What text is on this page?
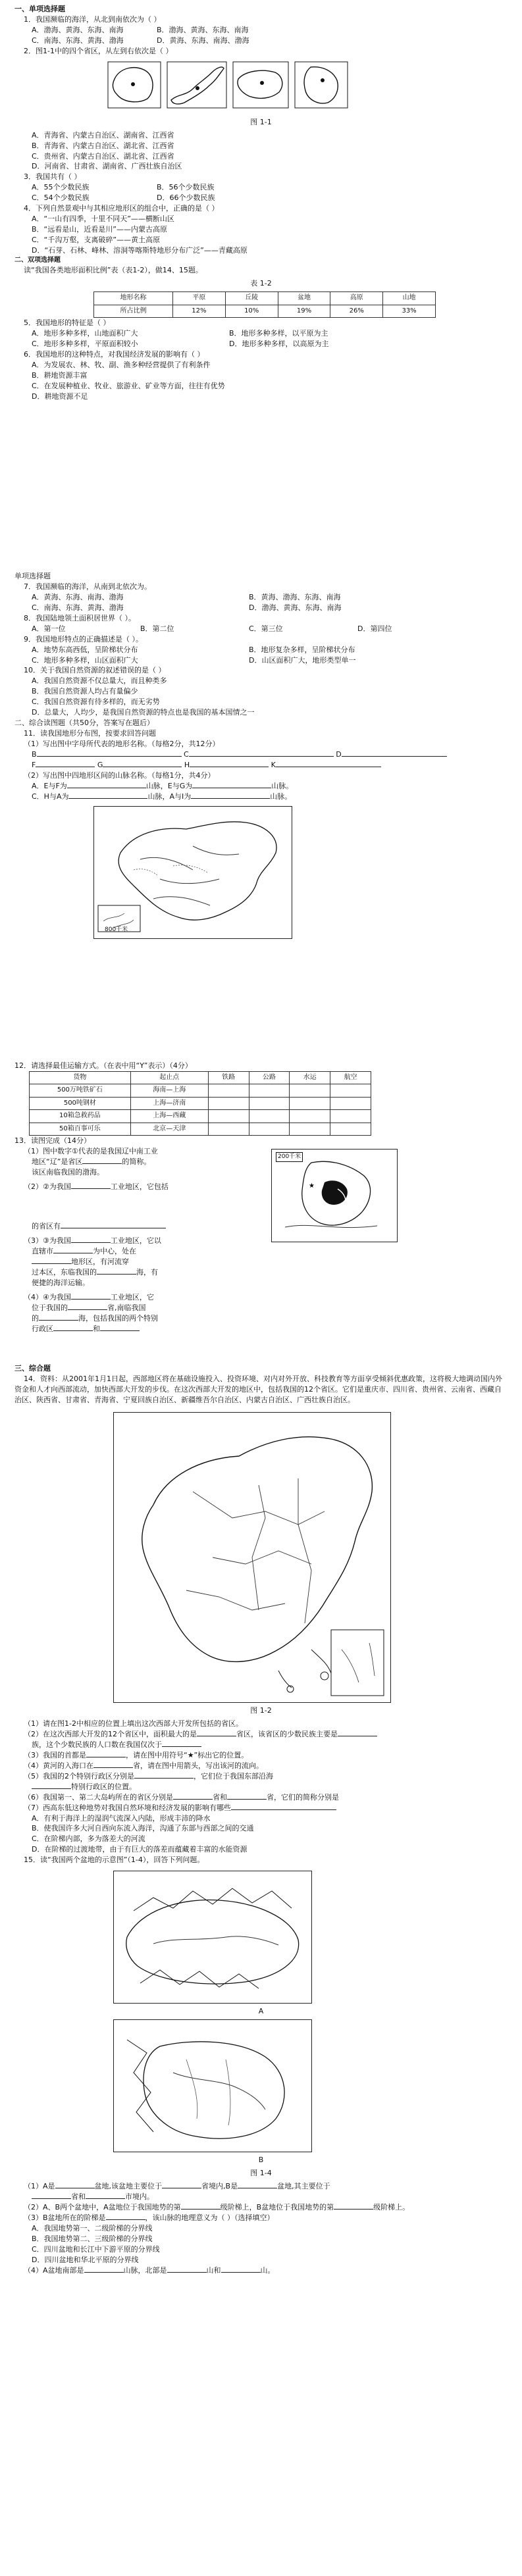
一、单项选择题

1．我国濒临的海洋，从北到南依次为（ ）

A．渤海、黄海、东海、南海	B．渤海、黄海、东海、南海
C．南海、东海、黄海、渤海	D．黄海、东海、南海、渤海

2．图1-1中的四个省区，从左到右依次是（ ）

图 1-1

A．青海省、内蒙古自治区、湖南省、江西省

B．青海省、内蒙古自治区、湖北省、江西省

C．贵州省、内蒙古自治区、湖北省、江西省

D．河南省、甘肃省、湖南省、广西壮族自治区

3．我国共有（ ）

A．55个少数民族	B．56个少数民族
C．54个少数民族	D．66个少数民族

4．下列自然景观中与其相应地形区的组合中，正确的是（ ）

A．“一山有四季，十里不同天”——横断山区

B．“远看是山，近看是川”——内蒙古高原

C．“千沟万壑，支离破碎”——黄土高原

D．“石芽、石林、峰林、溶洞等喀斯特地形分布广泛”——青藏高原

二、双项选择题

读“我国各类地形面积比例”表（表1-2），做14、15题。

表 1-2

地形名称	平原	丘陵	盆地	高原	山地
所占比例	12%	10%	19%	26%	33%

5．我国地形的特征是（ ）

A．地形多种多样，山地面积广大	B．地形多种多样，以平原为主
C．地形多种多样，平原面积较小	D．地形多种多样，以高原为主

6．我国地形的这种特点，对我国经济发展的影响有（ ）

A．为发展农、林、牧、副、渔多种经营提供了有利条件

B．耕地资源丰富

C．在发展种植业、牧业、旅游业、矿业等方面，往往有优势

D．耕地资源不足

单项选择题

7．我国濒临的海洋，从南到北依次为。

A．黄海、东海、南海、渤海	B．黄海、渤海、东海、南海
C．南海、东海、黄海、渤海	D．渤海、黄海、东海、南海

8．我国陆地领土面积居世界（ ）。

A．第一位	B．第二位	C．第三位	D．第四位

9．我国地形特点的正确描述是（ ）。

A．地势东高西低，呈阶梯状分布	B．地形复杂多样，呈阶梯状分布
C．地形多种多样，山区面积广大	D．山区面积广大，地形类型单一

10．关于我国自然资源的叙述错误的是（ ）

A．我国自然资源不仅总量大，而且种类多

B．我国自然资源人均占有量偏少

C．我国自然资源有待多样的，而无劣势

D．总量大，人均少，是我国自然资源的特点也是我国的基本国情之一

二、综合读图题（共50分，答案写在题后）

11．读我国地形分布图，按要求回答问题

（1）写出图中字母所代表的地形名称。（每格2分，共12分）

B	C	D

F	G	H	K

（2）写出图中四地形区间的山脉名称。（每格1分，共4分）

A．E与F为	山脉，E与G为	山脉。

C．H与A为	山脉，A与I为	山脉。

800千米

12．请选择最佳运输方式。（在表中用“Y”表示）（4分）

货物	起止点	铁路	公路	水运	航空
500万吨铁矿石	海南—上海				
500吨钢材	上海—济南				
10箱急救药品	上海—西藏				
50箱百事可乐	北京—天津				

13．读图完成（14分）

（1）图中数字①代表的是我国辽中南工业

地区“辽”是省区	的简称。

该区南临我国的渤海。

（2）②为我国	工业地区，它包括

的省区有

（3）③为我国	工业地区，它以

直辖市	为中心，处在

地形区，有河流穿

过本区，东临我国的	海，有

便捷的海洋运输。

（4）④为我国	工业地区，它

位于我国的	省,南临我国

的	海，包括我国的两个特别

行政区	和

★
200千米

三、综合题

14．资料：从2001年1月1日起，西部地区将在基础设施投入、投资环境、对内对外开放、科技教育等方面享受倾斜优惠政策，这将极大地调动国内外资金和人才向西部流动，加快西部大开发的步伐。在这次西部大开发的地区中，包括我国的12个省区。它们是重庆市、四川省、贵州省、云南省、西藏自治区、陕西省、甘肃省、青海省、宁夏回族自治区、新疆维吾尔自治区、内蒙古自治区、广西壮族自治区。

图 1-2

（1）请在图1-2中相应的位置上填出这次西部大开发所包括的省区。

（2）在这次西部大开发的12个省区中，面积最大的是	省区，该省区的少数民族主要是

族，这个少数民族的人口数在我国仅次于

（3）我国的首都是	，请在图中用符号“★”标出它的位置。

（4）黄河的入海口在	省，请在图中用箭头，写出该河的流向。

（5）我国的2个特别行政区分别是	，它们位于我国东部沿海

特别行政区的位置。

（6）我国第一、第二大岛屿所在的省区分别是	省和	省，它们的简称分别是

（7）西高东低这种地势对我国自然环境和经济发展的影响有哪些

A．有利于海洋上的湿润气流深入内陆，形成丰沛的降水

B．使我国许多大河自西向东流入海洋，沟通了东部与西部之间的交通

C．在阶梯内部，多为落差大的河流

D．在阶梯的过渡地带，由于有巨大的落差而蕴藏着丰富的水能资源

15．读“我国两个盆地的示意图”（1-4），回答下列问题。

A

B

图 1-4

（1）A是	盆地,该盆地主要位于	省境内,B是	盆地,其主要位于

省和	市境内。

（2）A、B两个盆地中，A盆地位于我国地势的第	级阶梯上，B盆地位于我国地势的第	级阶梯上。

（3）B盆地所在的阶梯是	，该山脉的地理意义为（ ）（选择填空）

A．我国地势第一、二级阶梯的分界线

B．我国地势第二、三级阶梯的分界线

C．四川盆地和长江中下游平原的分界线

D．四川盆地和华北平原的分界线

（4）A盆地南部是	山脉，北部是	山和	山。
